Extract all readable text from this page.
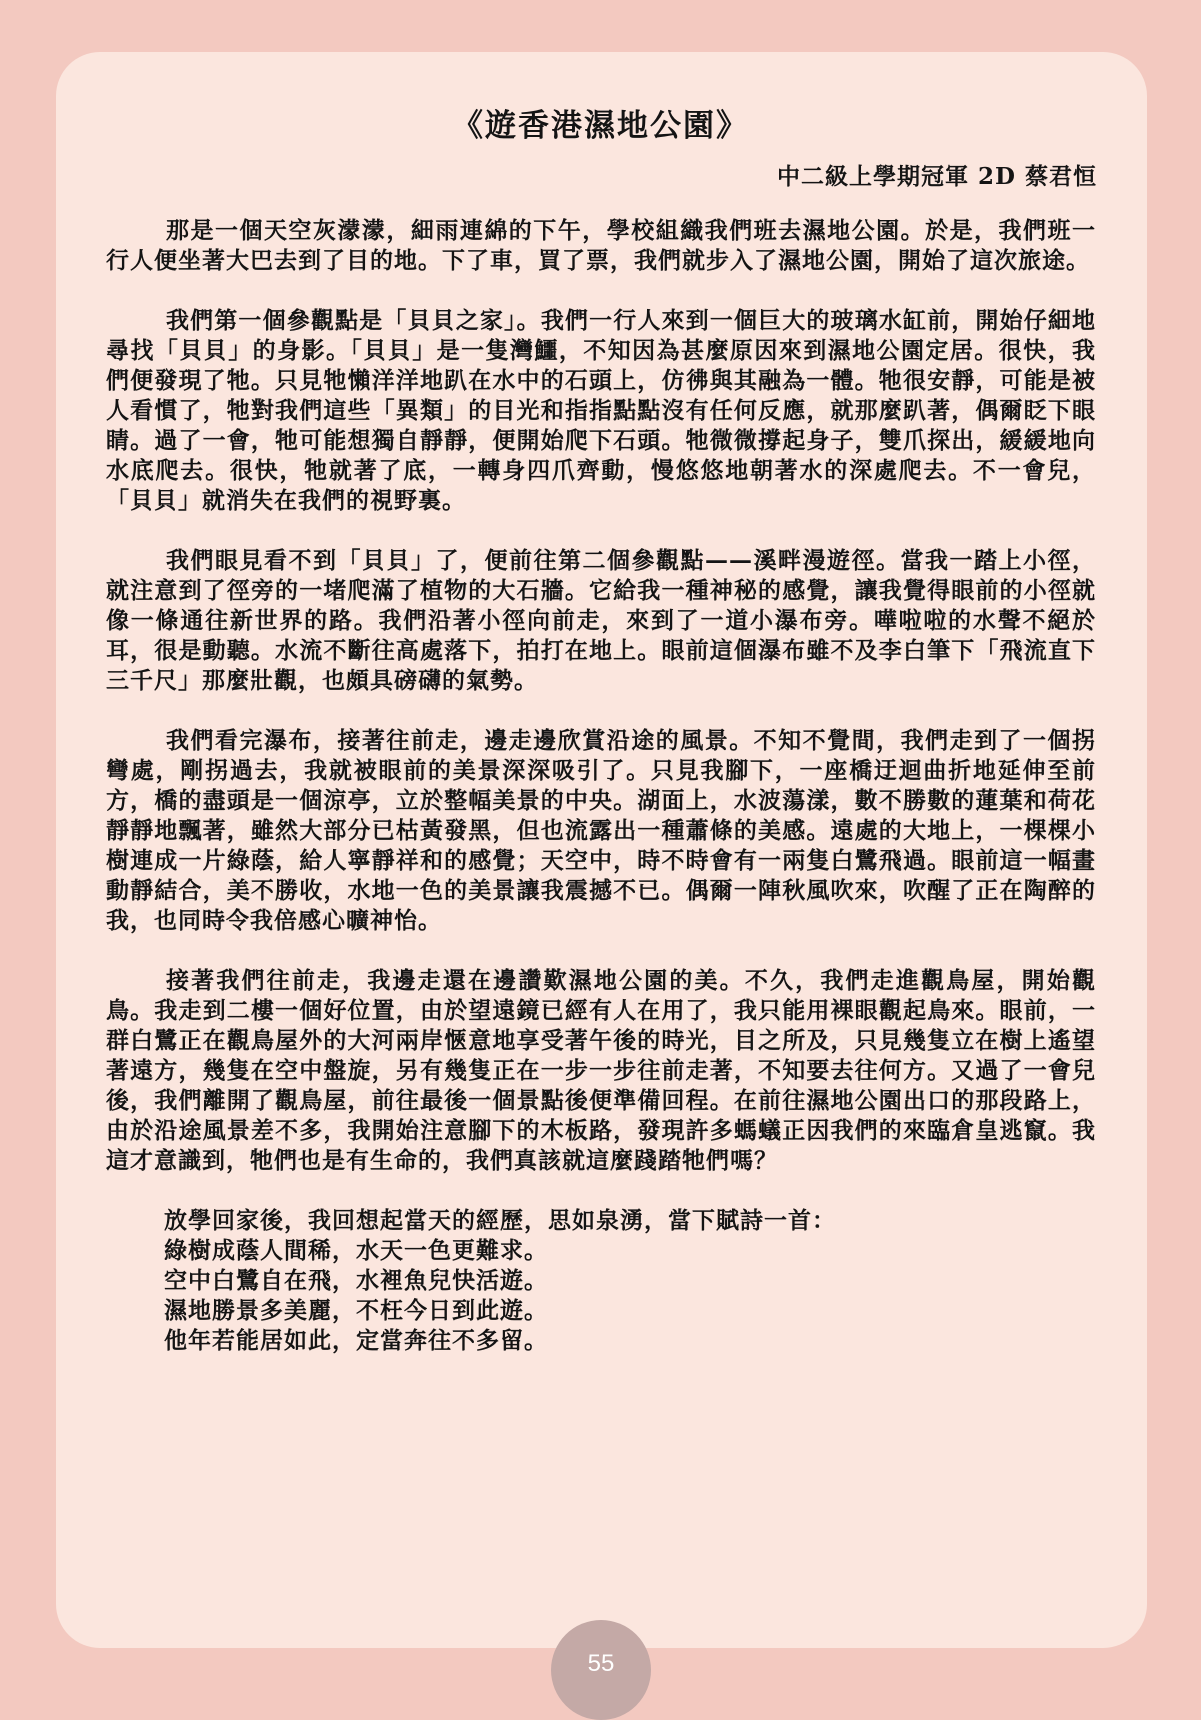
《遊香港濕地公園》
中二級上學期冠軍 2D 蔡君恒

那是一個天空灰濛濛，細雨連綿的下午，學校組織我們班去濕地公園。於是，我們班一行人便坐著大巴去到了目的地。下了車，買了票，我們就步入了濕地公園，開始了這次旅途。

我們第一個參觀點是「貝貝之家」。我們一行人來到一個巨大的玻璃水缸前，開始仔細地尋找「貝貝」的身影。「貝貝」是一隻灣鱷，不知因為甚麼原因來到濕地公園定居。很快，我們便發現了牠。只見牠懶洋洋地趴在水中的石頭上，仿彿與其融為一體。牠很安靜，可能是被人看慣了，牠對我們這些「異類」的目光和指指點點沒有任何反應，就那麼趴著，偶爾眨下眼睛。過了一會，牠可能想獨自靜靜，便開始爬下石頭。牠微微撐起身子，雙爪探出，緩緩地向水底爬去。很快，牠就著了底，一轉身四爪齊動，慢悠悠地朝著水的深處爬去。不一會兒，「貝貝」就消失在我們的視野裏。

我們眼見看不到「貝貝」了，便前往第二個參觀點——溪畔漫遊徑。當我一踏上小徑，就注意到了徑旁的一堵爬滿了植物的大石牆。它給我一種神秘的感覺，讓我覺得眼前的小徑就像一條通往新世界的路。我們沿著小徑向前走，來到了一道小瀑布旁。嘩啦啦的水聲不絕於耳，很是動聽。水流不斷往高處落下，拍打在地上。眼前這個瀑布雖不及李白筆下「飛流直下三千尺」那麼壯觀，也頗具磅礴的氣勢。

我們看完瀑布，接著往前走，邊走邊欣賞沿途的風景。不知不覺間，我們走到了一個拐彎處，剛拐過去，我就被眼前的美景深深吸引了。只見我腳下，一座橋迂迴曲折地延伸至前方，橋的盡頭是一個涼亭，立於整幅美景的中央。湖面上，水波蕩漾，數不勝數的蓮葉和荷花靜靜地飄著，雖然大部分已枯黃發黑，但也流露出一種蕭條的美感。遠處的大地上，一棵棵小樹連成一片綠蔭，給人寧靜祥和的感覺；天空中，時不時會有一兩隻白鷺飛過。眼前這一幅畫動靜結合，美不勝收，水地一色的美景讓我震撼不已。偶爾一陣秋風吹來，吹醒了正在陶醉的我，也同時令我倍感心曠神怡。

接著我們往前走，我邊走還在邊讚歎濕地公園的美。不久，我們走進觀鳥屋，開始觀鳥。我走到二樓一個好位置，由於望遠鏡已經有人在用了，我只能用裸眼觀起鳥來。眼前，一群白鷺正在觀鳥屋外的大河兩岸愜意地享受著午後的時光，目之所及，只見幾隻立在樹上遙望著遠方，幾隻在空中盤旋，另有幾隻正在一步一步往前走著，不知要去往何方。又過了一會兒後，我們離開了觀鳥屋，前往最後一個景點後便準備回程。在前往濕地公園出口的那段路上，由於沿途風景差不多，我開始注意腳下的木板路，發現許多螞蟻正因我們的來臨倉皇逃竄。我這才意識到，牠們也是有生命的，我們真該就這麼踐踏牠們嗎？

放學回家後，我回想起當天的經歷，思如泉湧，當下賦詩一首：

綠樹成蔭人間稀，水天一色更難求。

空中白鷺自在飛，水裡魚兒快活遊。

濕地勝景多美麗，不枉今日到此遊。

他年若能居如此，定當奔往不多留。

55
